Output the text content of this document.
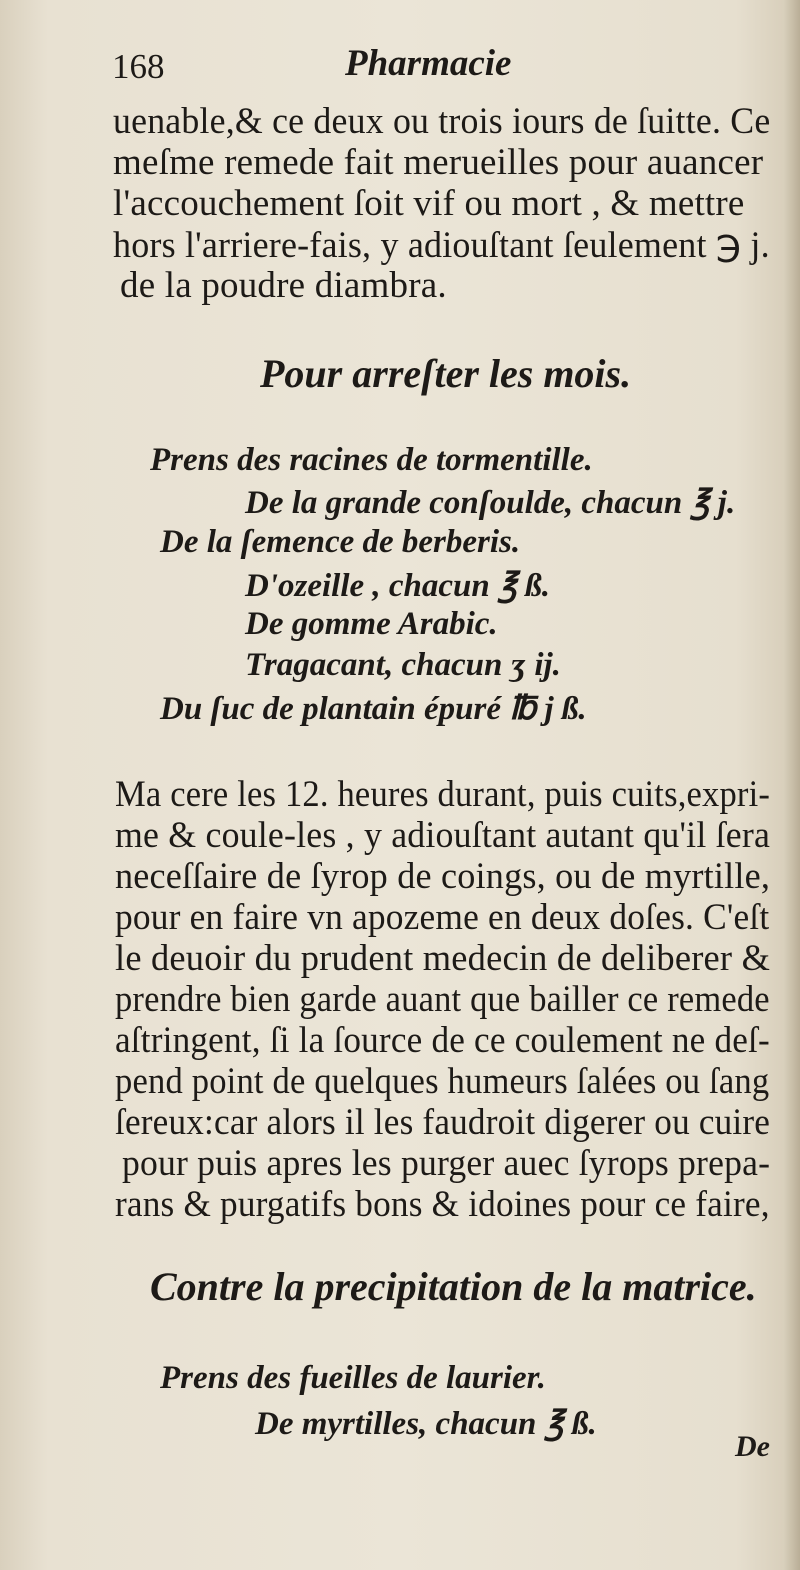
168	Pharmacie
uenable,& ce deux ou trois iours de ſuitte. Ce
meſme remede fait merueilles pour auancer
l'accouchement ſoit vif ou mort , & mettre
hors l'arriere-fais, y adiouſtant ſeulement ℈ j.
de la poudre diambra.
Pour arreſter les mois.
Prens des racines de tormentille.
De la grande conſoulde, chacun ℥ j.
De la ſemence de berberis.
D'ozeille , chacun ℥ ß.
De gomme Arabic.
Tragacant, chacun ʒ ij.
Du ſuc de plantain épuré ℔ j ß.
Ma cere les 12. heures durant, puis cuits,expri-
me & coule-les , y adiouſtant autant qu'il ſera
neceſſaire de ſyrop de coings, ou de myrtille,
pour en faire vn apozeme en deux doſes. C'eſt
le deuoir du prudent medecin de deliberer &
prendre bien garde auant que bailler ce remede
aſtringent, ſi la ſource de ce coulement ne deſ-
pend point de quelques humeurs ſalées ou ſang
ſereux:car alors il les faudroit digerer ou cuire
pour puis apres les purger auec ſyrops prepa-
rans & purgatifs bons & idoines pour ce faire,
Contre la precipitation de la matrice.
Prens des fueilles de laurier.
De myrtilles, chacun ℥ ß.
De
